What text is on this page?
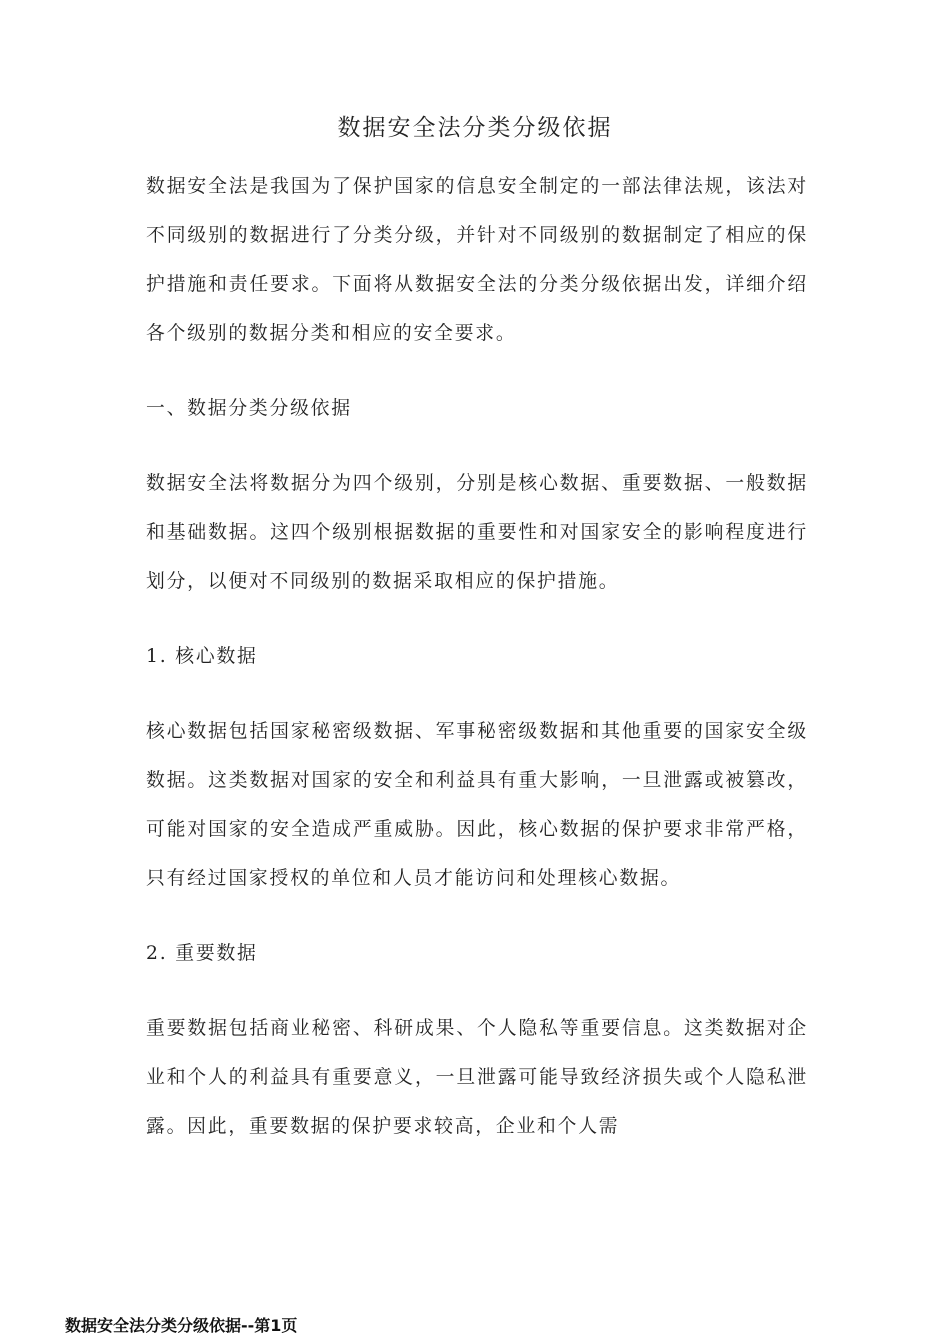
数据安全法分类分级依据

数据安全法是我国为了保护国家的信息安全制定的一部法律法规，该法对不同级别的数据进行了分类分级，并针对不同级别的数据制定了相应的保护措施和责任要求。下面将从数据安全法的分类分级依据出发，详细介绍各个级别的数据分类和相应的安全要求。

一、数据分类分级依据

数据安全法将数据分为四个级别，分别是核心数据、重要数据、一般数据和基础数据。这四个级别根据数据的重要性和对国家安全的影响程度进行划分，以便对不同级别的数据采取相应的保护措施。

1. 核心数据

核心数据包括国家秘密级数据、军事秘密级数据和其他重要的国家安全级数据。这类数据对国家的安全和利益具有重大影响，一旦泄露或被篡改，可能对国家的安全造成严重威胁。因此，核心数据的保护要求非常严格，只有经过国家授权的单位和人员才能访问和处理核心数据。

2. 重要数据

重要数据包括商业秘密、科研成果、个人隐私等重要信息。这类数据对企业和个人的利益具有重要意义，一旦泄露可能导致经济损失或个人隐私泄露。因此，重要数据的保护要求较高，企业和个人需

数据安全法分类分级依据--第1页
